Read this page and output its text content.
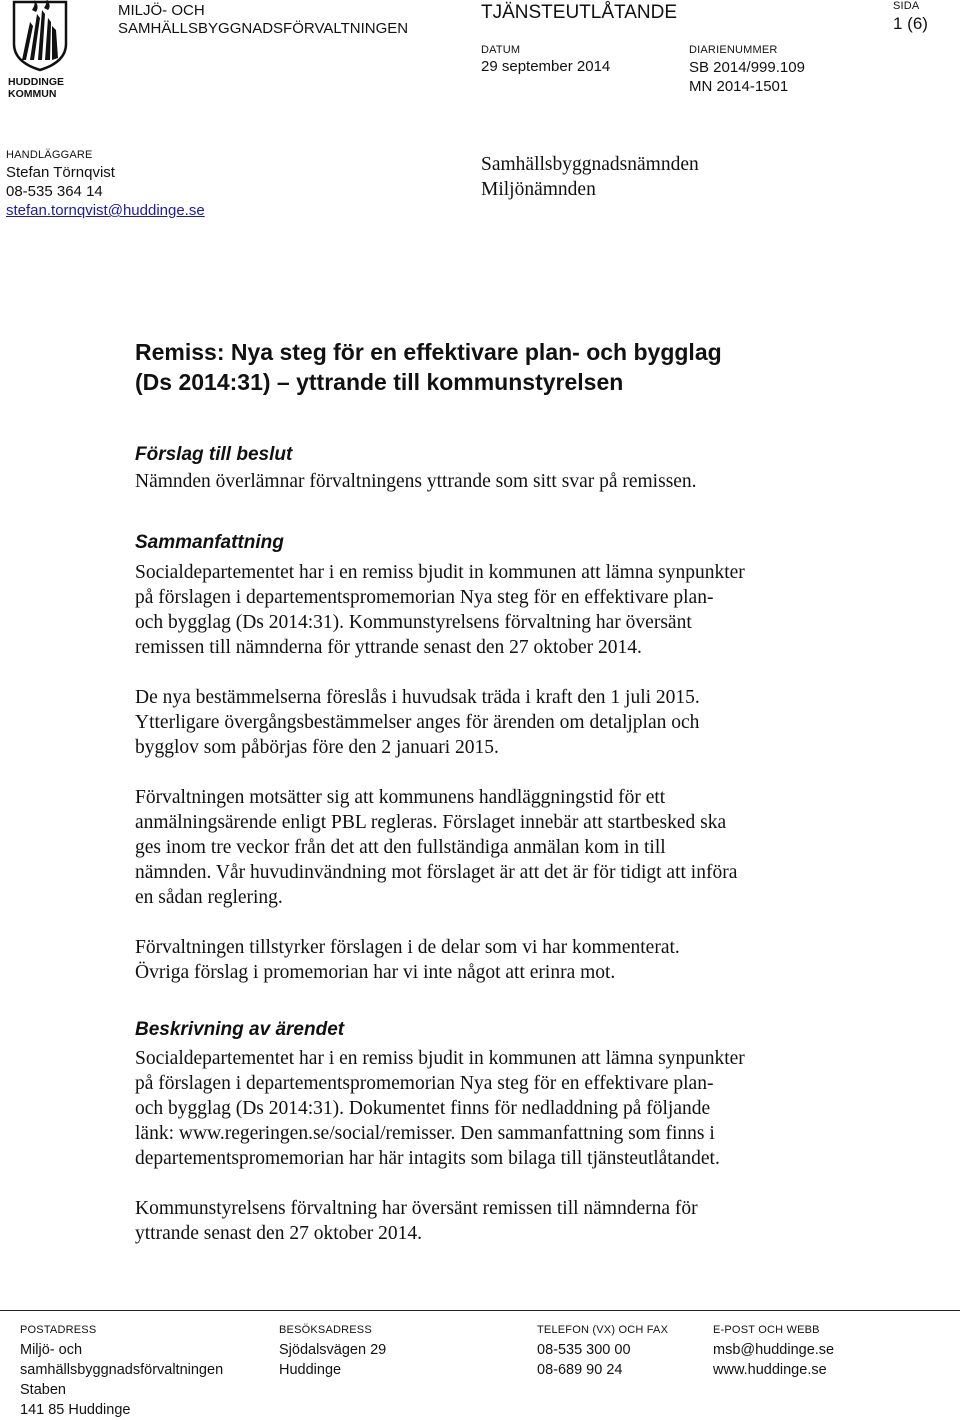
HUDDINGE
KOMMUN
MILJÖ- OCH
SAMHÄLLSBYGGNADSFÖRVALTNINGEN
TJÄNSTEUTLÅTANDE	SIDA
1 (6)
DATUM
29 september 2014
DIARIENUMMER
SB 2014/999.109
MN 2014-1501
HANDLÄGGARE
Stefan Törnqvist
08-535 364 14
stefan.tornqvist@huddinge.se
Samhällsbyggnadsnämnden
Miljönämnden

Remiss: Nya steg för en effektivare plan- och bygglag

(Ds 2014:31) – yttrande till kommunstyrelsen

Förslag till beslut

Nämnden överlämnar förvaltningens yttrande som sitt svar på remissen.

Sammanfattning

Socialdepartementet har i en remiss bjudit in kommunen att lämna synpunkter

på förslagen i departementspromemorian Nya steg för en effektivare plan-

och bygglag (Ds 2014:31). Kommunstyrelsens förvaltning har översänt

remissen till nämnderna för yttrande senast den 27 oktober 2014.

De nya bestämmelserna föreslås i huvudsak träda i kraft den 1 juli 2015.

Ytterligare övergångsbestämmelser anges för ärenden om detaljplan och

bygglov som påbörjas före den 2 januari 2015.

Förvaltningen motsätter sig att kommunens handläggningstid för ett

anmälningsärende enligt PBL regleras. Förslaget innebär att startbesked ska

ges inom tre veckor från det att den fullständiga anmälan kom in till

nämnden. Vår huvudinvändning mot förslaget är att det är för tidigt att införa

en sådan reglering.

Förvaltningen tillstyrker förslagen i de delar som vi har kommenterat.

Övriga förslag i promemorian har vi inte något att erinra mot.

Beskrivning av ärendet

Socialdepartementet har i en remiss bjudit in kommunen att lämna synpunkter

på förslagen i departementspromemorian Nya steg för en effektivare plan-

och bygglag (Ds 2014:31). Dokumentet finns för nedladdning på följande

länk: www.regeringen.se/social/remisser. Den sammanfattning som finns i

departementspromemorian har här intagits som bilaga till tjänsteutlåtandet.

Kommunstyrelsens förvaltning har översänt remissen till nämnderna för

yttrande senast den 27 oktober 2014.

POSTADRESS
Miljö- och
samhällsbyggnadsförvaltningen
Staben
141 85 Huddinge
BESÖKSADRESS
Sjödalsvägen 29
Huddinge
TELEFON (VX) OCH FAX
08-535 300 00
08-689 90 24
E-POST OCH WEBB
msb@huddinge.se
www.huddinge.se
